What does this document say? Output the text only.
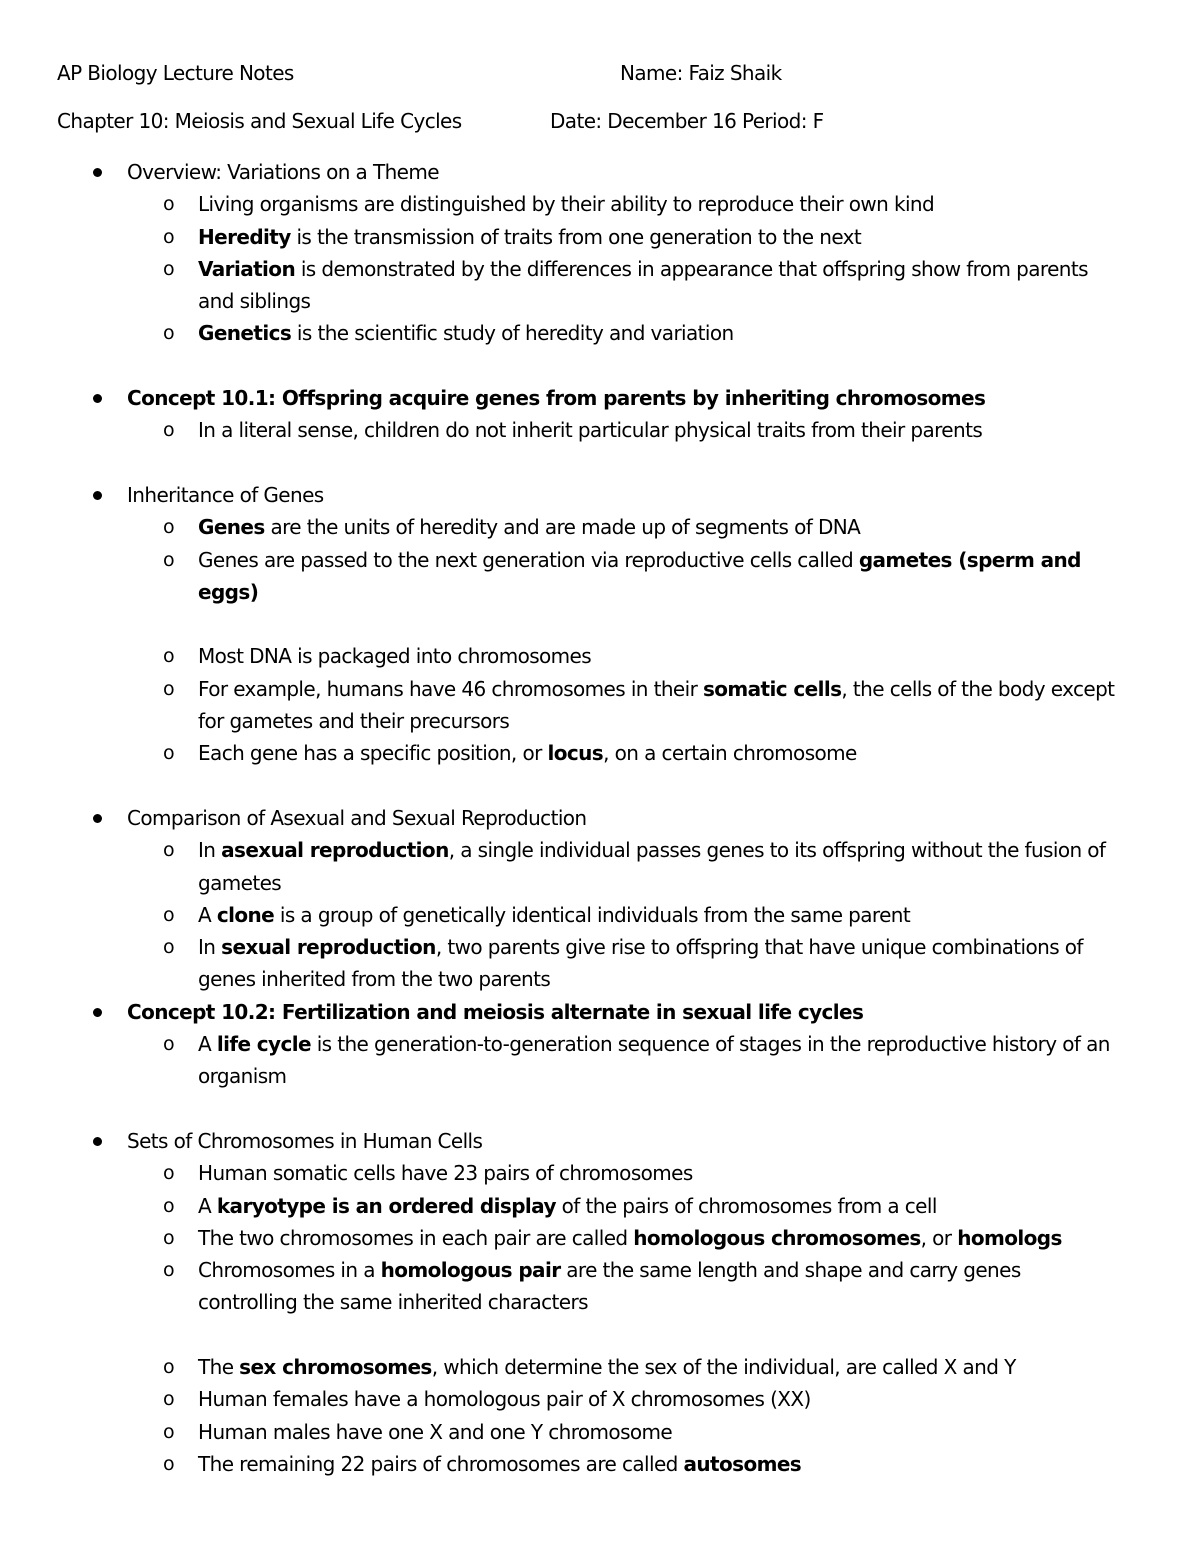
AP Biology Lecture Notes	Name: Faiz Shaik
Chapter 10: Meiosis and Sexual Life Cycles	Date: December 16 Period: F
Overview: Variations on a Theme
o Living organisms are distinguished by their ability to reproduce their own kind
o Heredity is the transmission of traits from one generation to the next
o Variation is demonstrated by the differences in appearance that offspring show from parents
and siblings
o Genetics is the scientific study of heredity and variation
Concept 10.1: Offspring acquire genes from parents by inheriting chromosomes
o In a literal sense, children do not inherit particular physical traits from their parents
Inheritance of Genes
o Genes are the units of heredity and are made up of segments of DNA
o Genes are passed to the next generation via reproductive cells called gametes (sperm and
eggs)
o Most DNA is packaged into chromosomes
o For example, humans have 46 chromosomes in their somatic cells, the cells of the body except
for gametes and their precursors
o Each gene has a specific position, or locus, on a certain chromosome
Comparison of Asexual and Sexual Reproduction
o In asexual reproduction, a single individual passes genes to its offspring without the fusion of
gametes
o A clone is a group of genetically identical individuals from the same parent
o In sexual reproduction, two parents give rise to offspring that have unique combinations of
genes inherited from the two parents
Concept 10.2: Fertilization and meiosis alternate in sexual life cycles
o A life cycle is the generation-to-generation sequence of stages in the reproductive history of an
organism
Sets of Chromosomes in Human Cells
o Human somatic cells have 23 pairs of chromosomes
o A karyotype is an ordered display of the pairs of chromosomes from a cell
o The two chromosomes in each pair are called homologous chromosomes, or homologs
o Chromosomes in a homologous pair are the same length and shape and carry genes
controlling the same inherited characters
o The sex chromosomes, which determine the sex of the individual, are called X and Y
o Human females have a homologous pair of X chromosomes (XX)
o Human males have one X and one Y chromosome
o The remaining 22 pairs of chromosomes are called autosomes
